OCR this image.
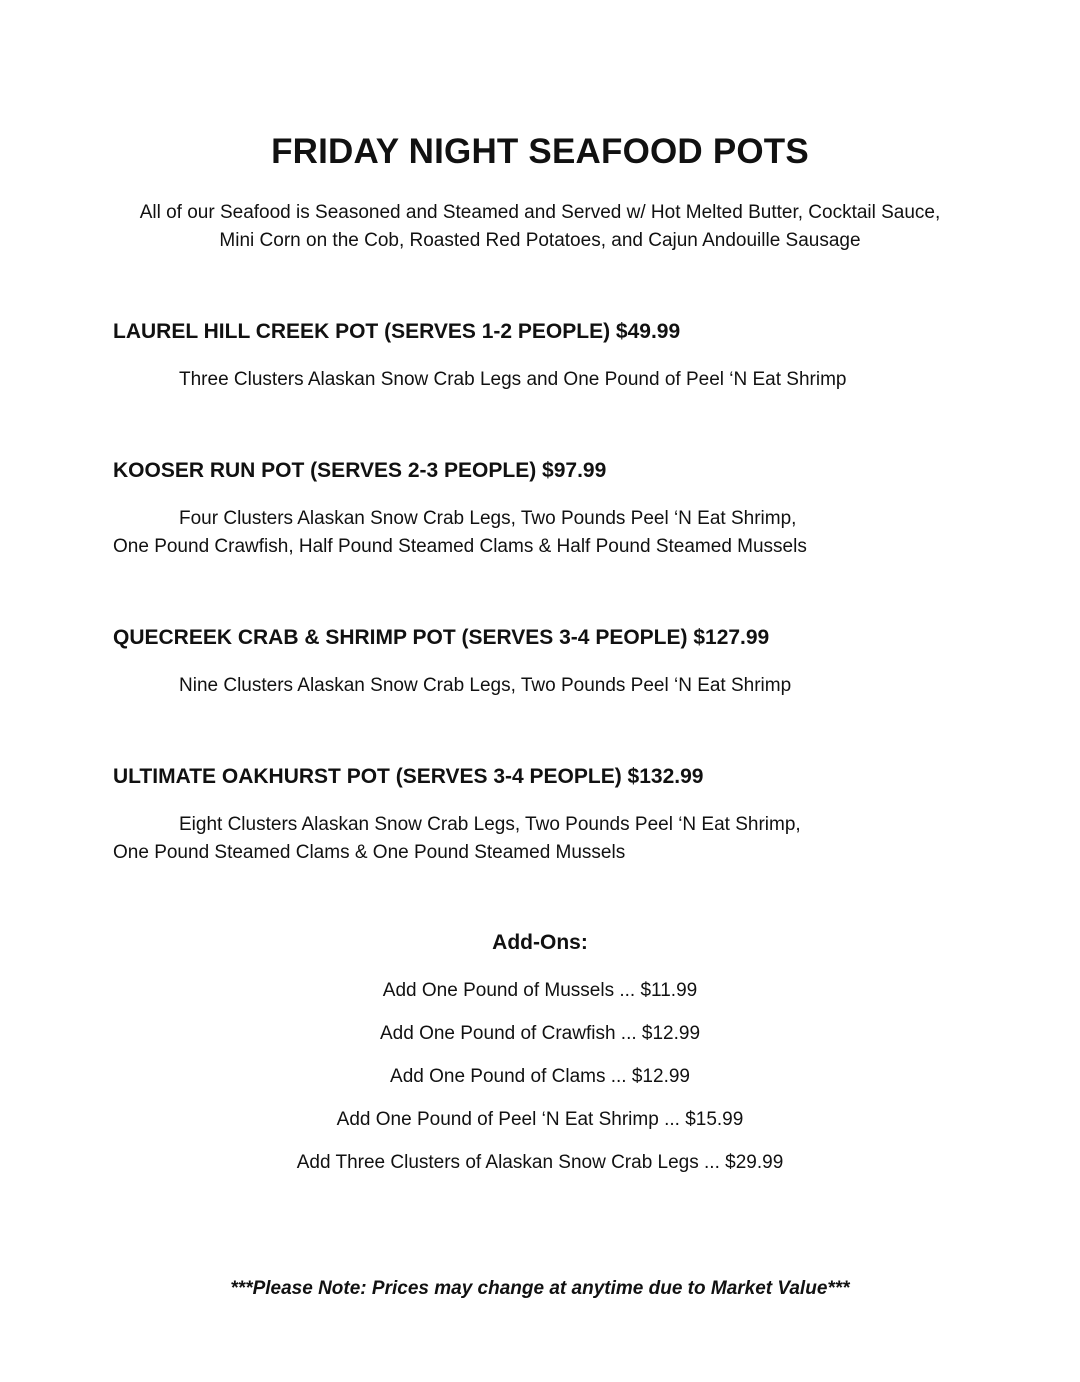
FRIDAY NIGHT SEAFOOD POTS

All of our Seafood is Seasoned and Steamed and Served w/ Hot Melted Butter, Cocktail Sauce,
Mini Corn on the Cob, Roasted Red Potatoes, and Cajun Andouille Sausage

LAUREL HILL CREEK POT (SERVES 1-2 PEOPLE) $49.99

Three Clusters Alaskan Snow Crab Legs and One Pound of Peel ‘N Eat Shrimp

KOOSER RUN POT (SERVES 2-3 PEOPLE) $97.99

Four Clusters Alaskan Snow Crab Legs, Two Pounds Peel ‘N Eat Shrimp,
One Pound Crawfish, Half Pound Steamed Clams & Half Pound Steamed Mussels

QUECREEK CRAB & SHRIMP POT (SERVES 3-4 PEOPLE) $127.99

Nine Clusters Alaskan Snow Crab Legs, Two Pounds Peel ‘N Eat Shrimp

ULTIMATE OAKHURST POT (SERVES 3-4 PEOPLE) $132.99

Eight Clusters Alaskan Snow Crab Legs, Two Pounds Peel ‘N Eat Shrimp,
One Pound Steamed Clams & One Pound Steamed Mussels

Add-Ons:
Add One Pound of Mussels ... $11.99
Add One Pound of Crawfish ... $12.99
Add One Pound of Clams ... $12.99
Add One Pound of Peel ‘N Eat Shrimp ... $15.99
Add Three Clusters of Alaskan Snow Crab Legs ... $29.99

***Please Note: Prices may change at anytime due to Market Value***
